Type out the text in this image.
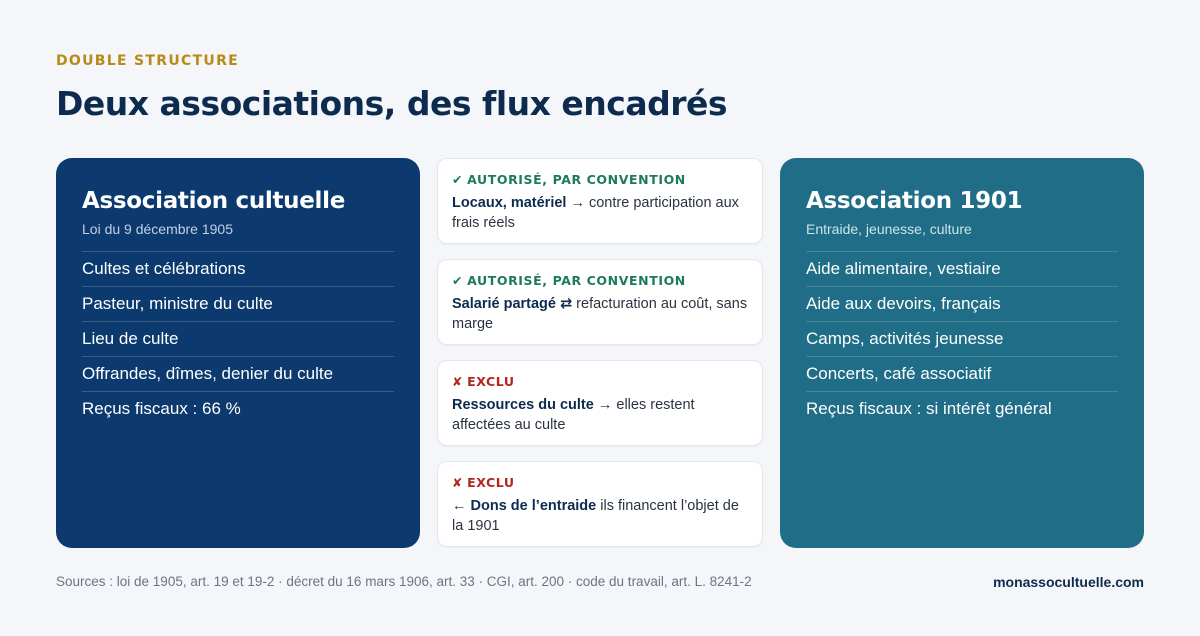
DOUBLE STRUCTURE
Deux associations, des flux encadrés
Association cultuelle
Loi du 9 décembre 1905
Cultes et célébrations
Pasteur, ministre du culte
Lieu de culte
Offrandes, dîmes, denier du culte
Reçus fiscaux : 66 %
✔ AUTORISÉ, PAR CONVENTION
Locaux, matériel → contre participation aux frais réels
✔ AUTORISÉ, PAR CONVENTION
Salarié partagé ⇄ refacturation au coût, sans marge
✘ EXCLU
Ressources du culte → elles restent affectées au culte
✘ EXCLU
← Dons de l’entraide ils financent l’objet de la 1901
Association 1901
Entraide, jeunesse, culture
Aide alimentaire, vestiaire
Aide aux devoirs, français
Camps, activités jeunesse
Concerts, café associatif
Reçus fiscaux : si intérêt général
Sources : loi de 1905, art. 19 et 19-2 · décret du 16 mars 1906, art. 33 · CGI, art. 200 · code du travail, art. L. 8241-2	monassocultuelle.com
